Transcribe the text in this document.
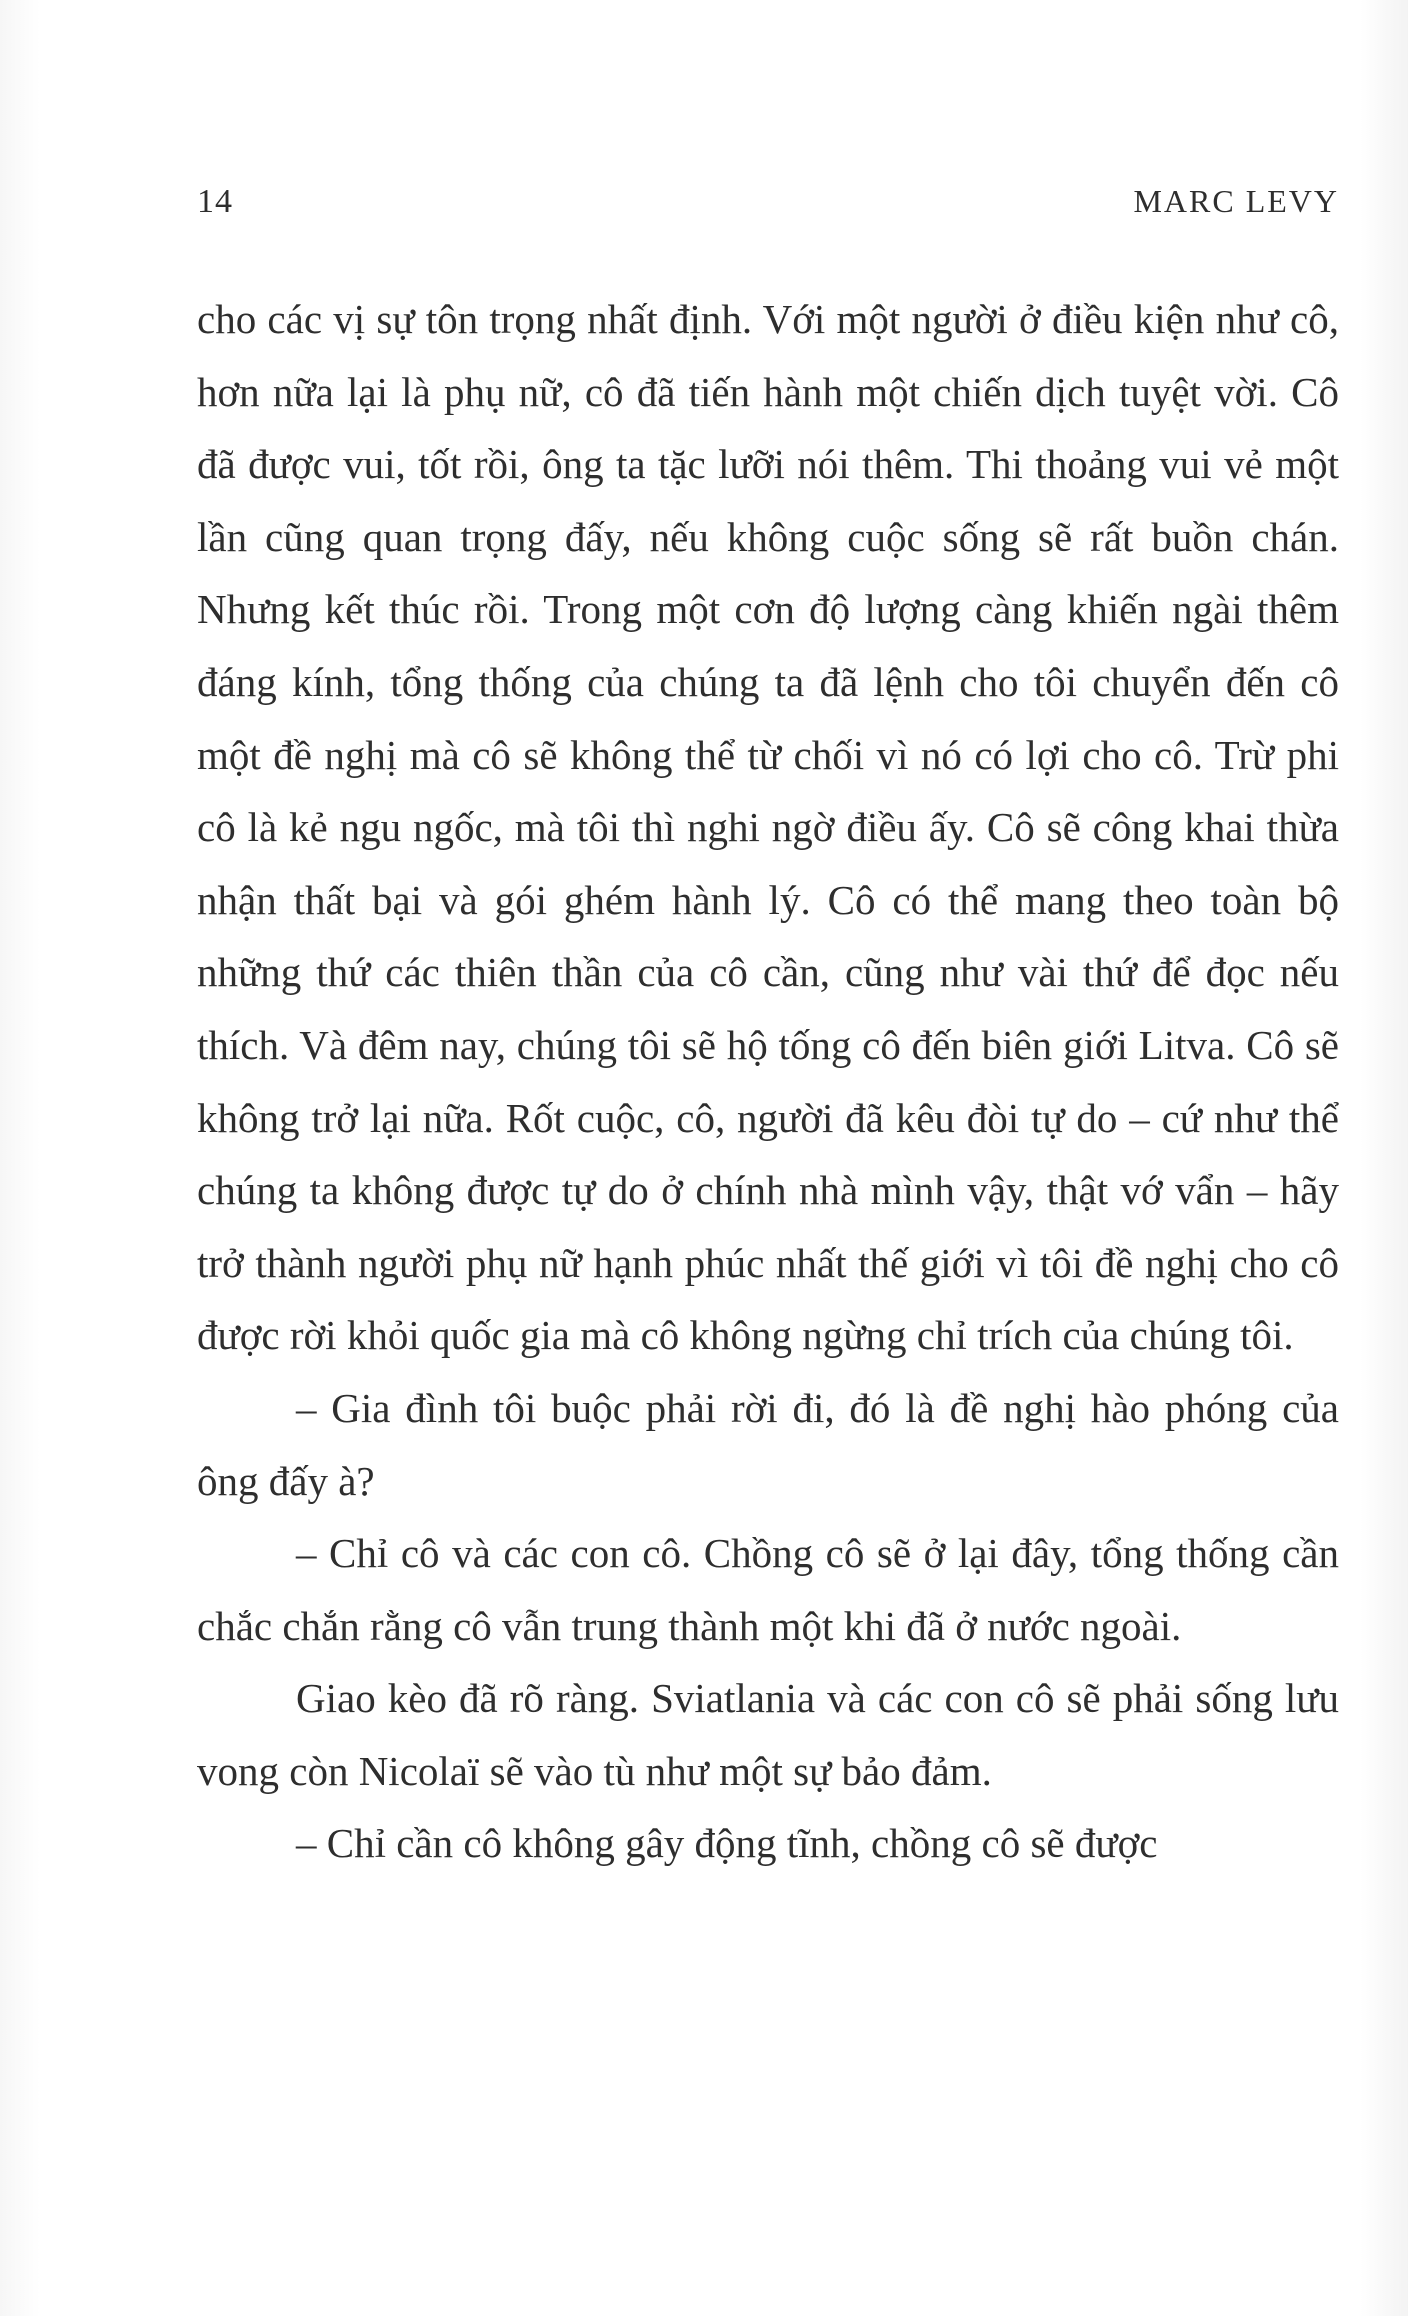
14	MARC LEVY

cho các vị sự tôn trọng nhất định. Với một người ở điều kiện như cô, hơn nữa lại là phụ nữ, cô đã tiến hành một chiến dịch tuyệt vời. Cô đã được vui, tốt rồi, ông ta tặc lưỡi nói thêm. Thi thoảng vui vẻ một lần cũng quan trọng đấy, nếu không cuộc sống sẽ rất buồn chán. Nhưng kết thúc rồi. Trong một cơn độ lượng càng khiến ngài thêm đáng kính, tổng thống của chúng ta đã lệnh cho tôi chuyển đến cô một đề nghị mà cô sẽ không thể từ chối vì nó có lợi cho cô. Trừ phi cô là kẻ ngu ngốc, mà tôi thì nghi ngờ điều ấy. Cô sẽ công khai thừa nhận thất bại và gói ghém hành lý. Cô có thể mang theo toàn bộ những thứ các thiên thần của cô cần, cũng như vài thứ để đọc nếu thích. Và đêm nay, chúng tôi sẽ hộ tống cô đến biên giới Litva. Cô sẽ không trở lại nữa. Rốt cuộc, cô, người đã kêu đòi tự do – cứ như thể chúng ta không được tự do ở chính nhà mình vậy, thật vớ vẩn – hãy trở thành người phụ nữ hạnh phúc nhất thế giới vì tôi đề nghị cho cô được rời khỏi quốc gia mà cô không ngừng chỉ trích của chúng tôi.

– Gia đình tôi buộc phải rời đi, đó là đề nghị hào phóng của ông đấy à?

– Chỉ cô và các con cô. Chồng cô sẽ ở lại đây, tổng thống cần chắc chắn rằng cô vẫn trung thành một khi đã ở nước ngoài.

Giao kèo đã rõ ràng. Sviatlania và các con cô sẽ phải sống lưu vong còn Nicolaï sẽ vào tù như một sự bảo đảm.

– Chỉ cần cô không gây động tĩnh, chồng cô sẽ được
